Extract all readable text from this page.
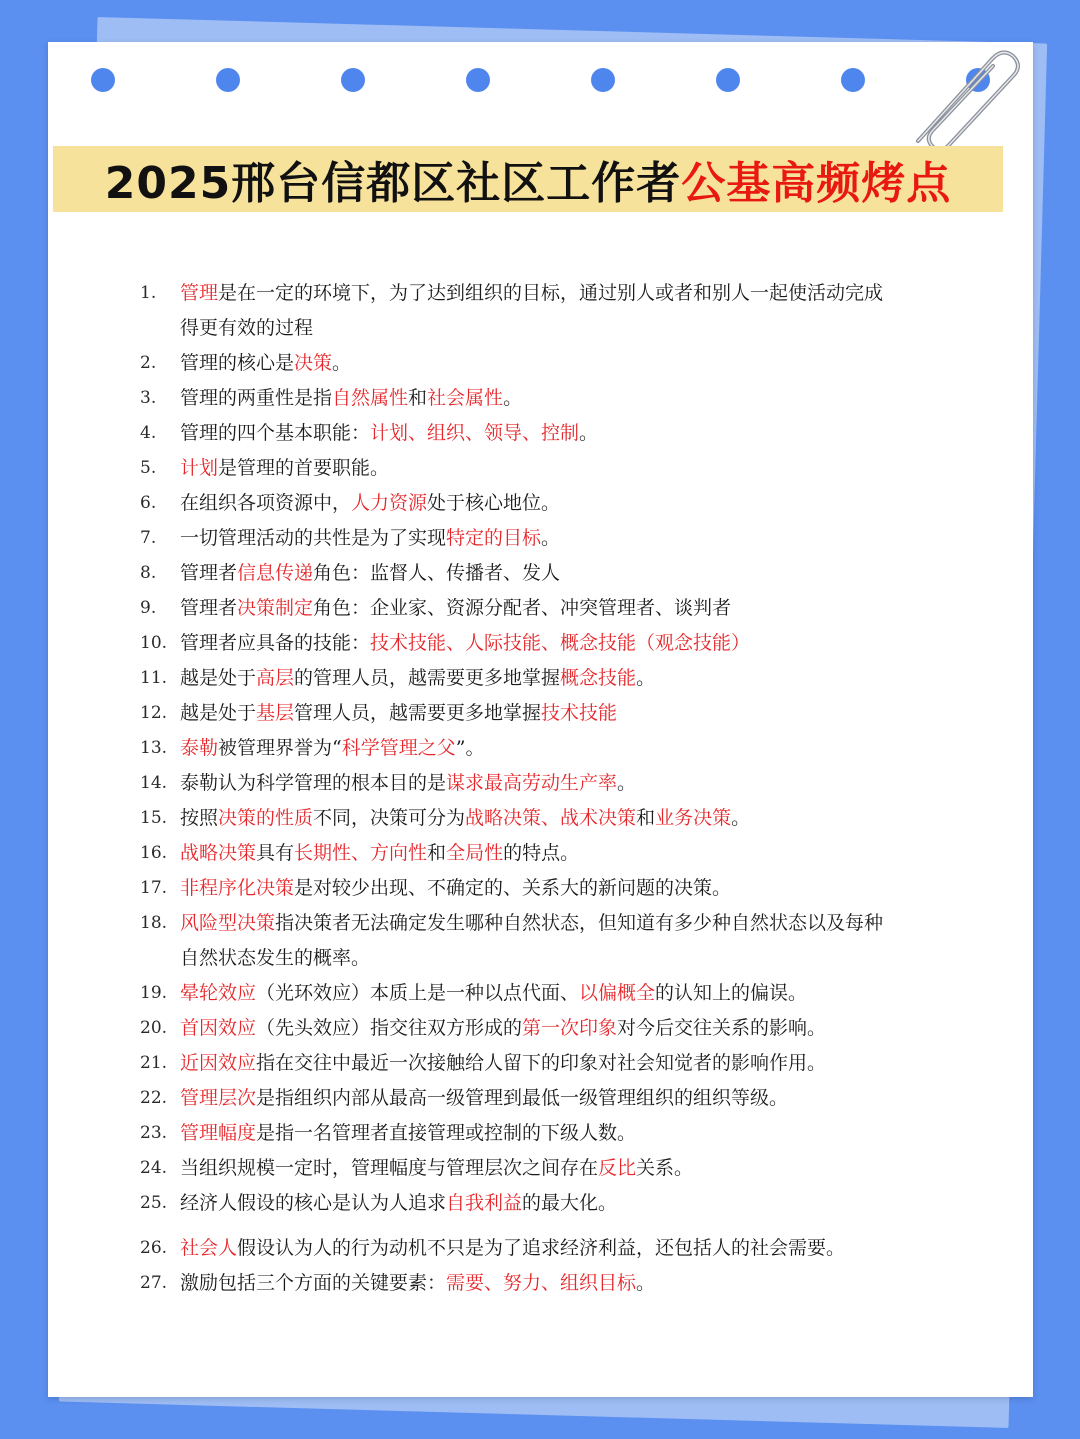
2025邢台信都区社区工作者公基高频烤点
1.	管理是在一定的环境下，为了达到组织的目标，通过别人或者和别人一起使活动完成得更有效的过程
2.	管理的核心是决策。
3.	管理的两重性是指自然属性和社会属性。
4.	管理的四个基本职能：计划、组织、领导、控制。
5.	计划是管理的首要职能。
6.	在组织各项资源中，人力资源处于核心地位。
7.	一切管理活动的共性是为了实现特定的目标。
8.	管理者信息传递角色：监督人、传播者、发人
9.	管理者决策制定角色：企业家、资源分配者、冲突管理者、谈判者
10. 管理者应具备的技能：技术技能、人际技能、概念技能（观念技能）
11. 越是处于高层的管理人员，越需要更多地掌握概念技能。
12. 越是处于基层管理人员，越需要更多地掌握技术技能
13. 泰勒被管理界誉为“科学管理之父”。
14. 泰勒认为科学管理的根本目的是谋求最高劳动生产率。
15. 按照决策的性质不同，决策可分为战略决策、战术决策和业务决策。
16. 战略决策具有长期性、方向性和全局性的特点。
17. 非程序化决策是对较少出现、不确定的、关系大的新问题的决策。
18. 风险型决策指决策者无法确定发生哪种自然状态，但知道有多少种自然状态以及每种自然状态发生的概率。
19. 晕轮效应（光环效应）本质上是一种以点代面、以偏概全的认知上的偏误。
20. 首因效应（先头效应）指交往双方形成的第一次印象对今后交往关系的影响。
21. 近因效应指在交往中最近一次接触给人留下的印象对社会知觉者的影响作用。
22. 管理层次是指组织内部从最高一级管理到最低一级管理组织的组织等级。
23. 管理幅度是指一名管理者直接管理或控制的下级人数。
24. 当组织规模一定时，管理幅度与管理层次之间存在反比关系。
25. 经济人假设的核心是认为人追求自我利益的最大化。
26. 社会人假设认为人的行为动机不只是为了追求经济利益，还包括人的社会需要。
27. 激励包括三个方面的关键要素：需要、努力、组织目标。
